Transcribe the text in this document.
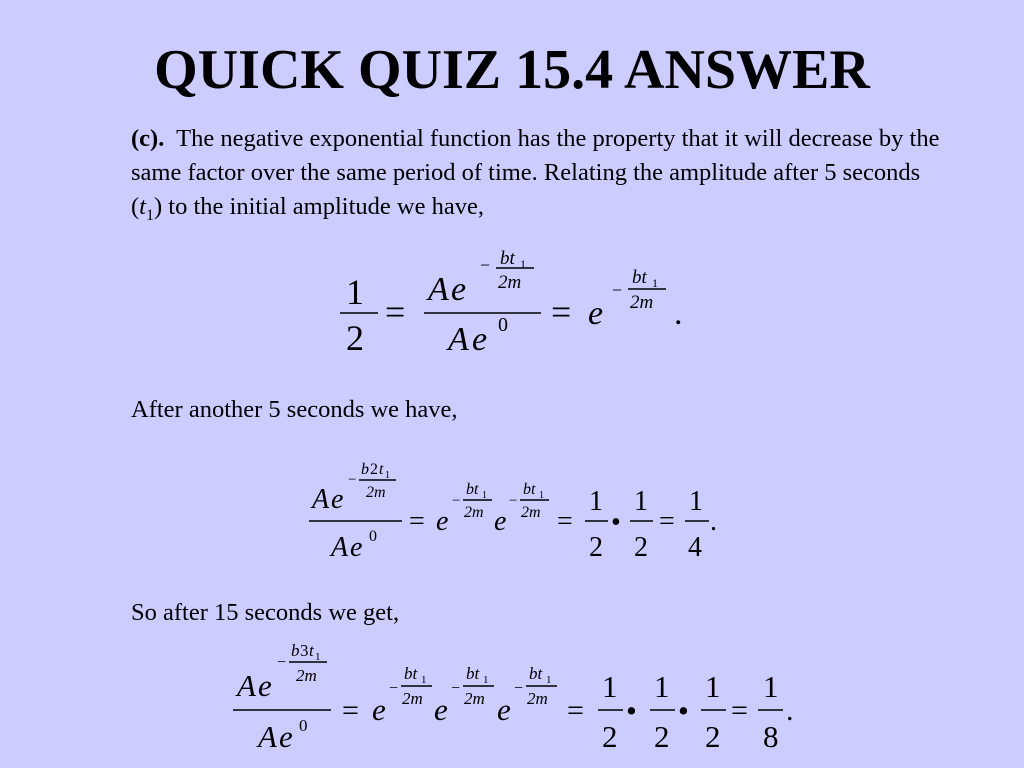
QUICK QUIZ 15.4 ANSWER
(c). The negative exponential function has the property that it will decrease by the same factor over the same period of time. Relating the amplitude after 5 seconds $(t_1)$ to the initial amplitude we have,
After another 5 seconds we have,
So after 15 seconds we get,
1
2
=
A e
− bt 1
2m
A e 0 = e
−
bt 1
2m .
A e
−
b 2 t 1
2m
A e 0 = e
−
bt 1
2m e
−
bt 1
2m =
1
2
•
1
2
=
1
4
.
A e
−
b 3 t 1
2m
A e 0 = e
−
bt 1
2m e
−
bt 1
2m e
−
bt 1
2m =
1
2
•
1
2
•
1
2
=
1
8
.
